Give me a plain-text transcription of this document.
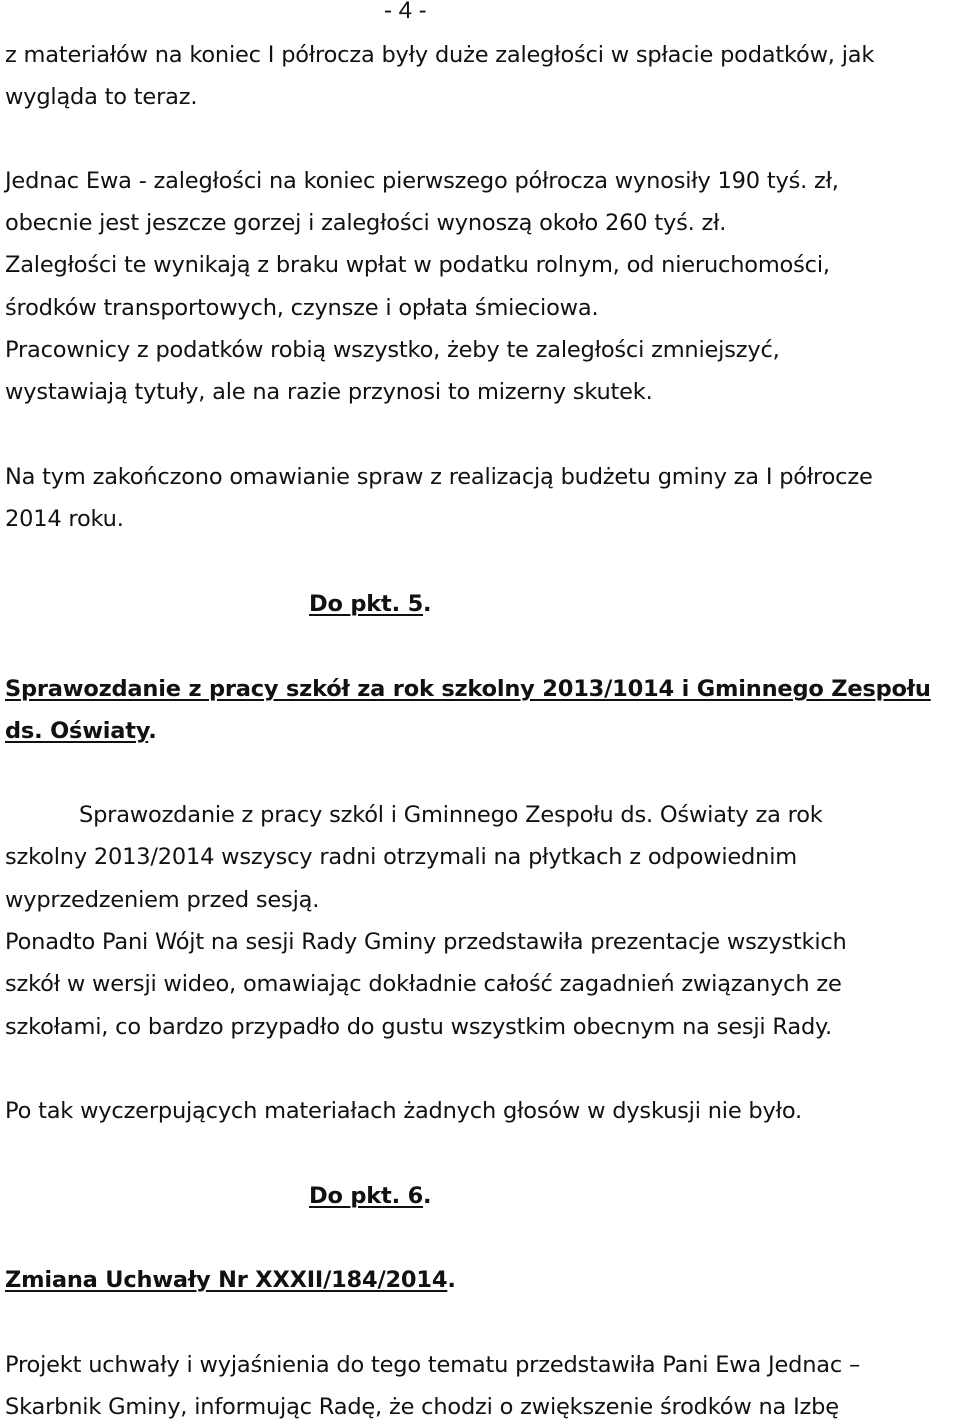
- 4 -

z materiałów na koniec I półrocza były duże zaległości w spłacie podatków, jak

wygląda to teraz.

Jednac Ewa - zaległości na koniec pierwszego półrocza wynosiły 190 tyś. zł,

obecnie jest jeszcze gorzej i zaległości wynoszą około 260 tyś. zł.

Zaległości te wynikają z braku wpłat w podatku rolnym, od nieruchomości,

środków transportowych, czynsze i opłata śmieciowa.

Pracownicy z podatków robią wszystko, żeby te zaległości zmniejszyć,

wystawiają tytuły, ale na razie przynosi to mizerny skutek.

Na tym zakończono omawianie spraw z realizacją budżetu gminy za I półrocze

2014 roku.

Do pkt. 5.

Sprawozdanie z pracy szkół za rok szkolny 2013/1014 i Gminnego Zespołu

ds. Oświaty.

Sprawozdanie z pracy szkól i Gminnego Zespołu ds. Oświaty za rok

szkolny 2013/2014 wszyscy radni otrzymali na płytkach z odpowiednim

wyprzedzeniem przed sesją.

Ponadto Pani Wójt na sesji Rady Gminy przedstawiła prezentacje wszystkich

szkół w wersji wideo, omawiając dokładnie całość zagadnień związanych ze

szkołami, co bardzo przypadło do gustu wszystkim obecnym na sesji Rady.

Po tak wyczerpujących materiałach żadnych głosów w dyskusji nie było.

Do pkt. 6.

Zmiana Uchwały Nr XXXII/184/2014.

Projekt uchwały i wyjaśnienia do tego tematu przedstawiła Pani Ewa Jednac –

Skarbnik Gminy, informując Radę, że chodzi o zwiększenie środków na Izbę
